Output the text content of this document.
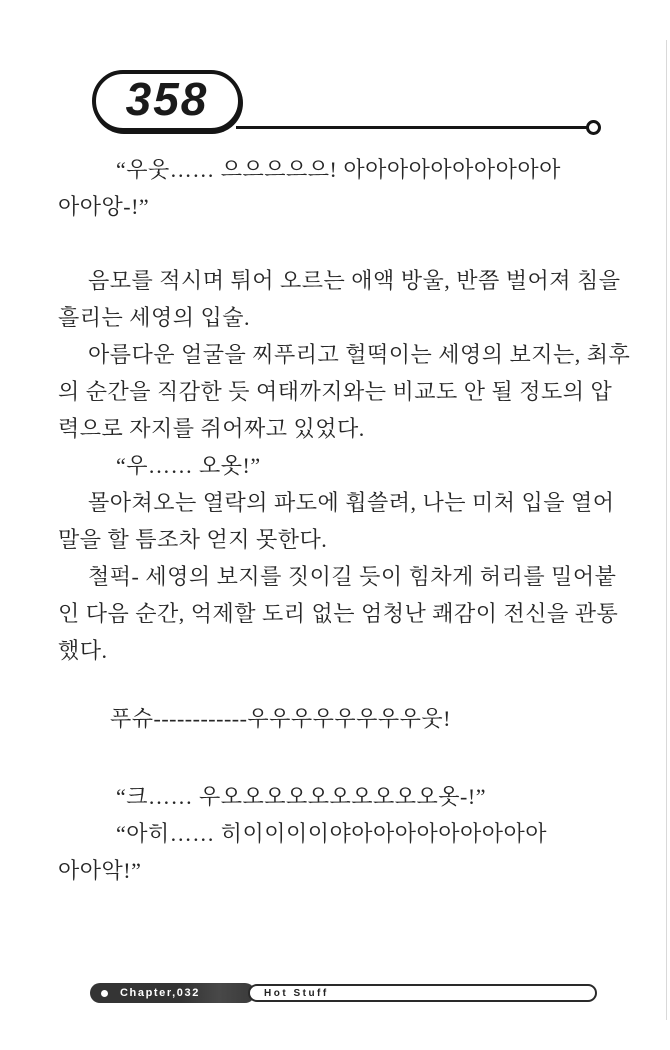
358
“우웃…… 으으으으으! 아아아아아아아아아아
아아앙-!”
음모를 적시며 튀어 오르는 애액 방울, 반쯤 벌어져 침을
흘리는 세영의 입술.
아름다운 얼굴을 찌푸리고 헐떡이는 세영의 보지는, 최후
의 순간을 직감한 듯 여태까지와는 비교도 안 될 정도의 압
력으로 자지를 쥐어짜고 있었다.
“우…… 오옷!”
몰아쳐오는 열락의 파도에 휩쓸려, 나는 미처 입을 열어
말을 할 틈조차 얻지 못한다.
철퍽- 세영의 보지를 짓이길 듯이 힘차게 허리를 밀어붙
인 다음 순간, 억제할 도리 없는 엄청난 쾌감이 전신을 관통
했다.
푸슈------------우우우우우우우우웃!
“크…… 우오오오오오오오오오오옷-!”
“아히…… 히이이이이야아아아아아아아아아
아아악!”
Chapter,032	Hot Stuff
